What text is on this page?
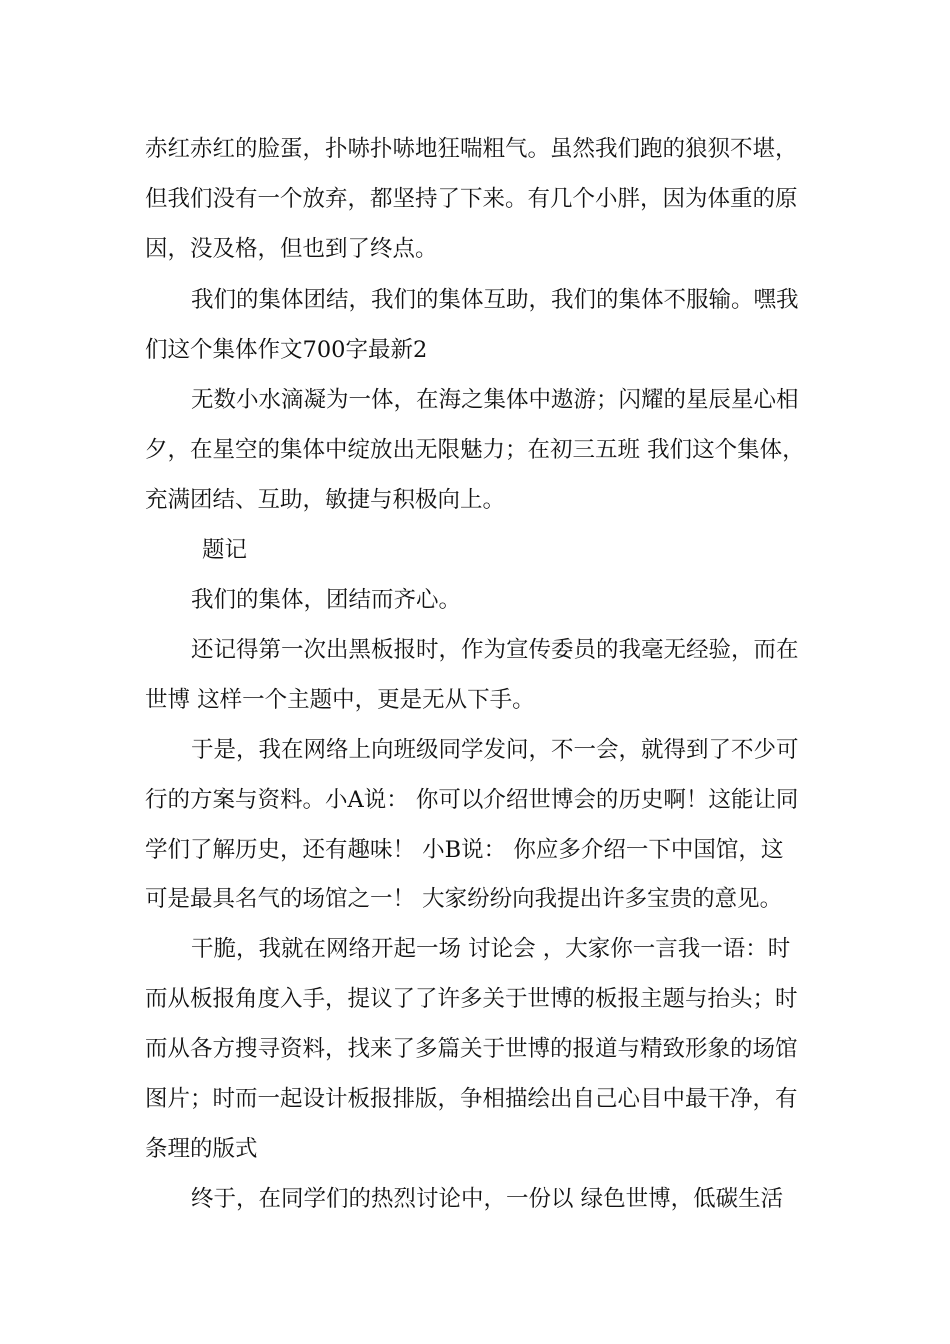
赤红赤红的脸蛋，扑哧扑哧地狂喘粗气。虽然我们跑的狼狈不堪，

但我们没有一个放弃，都坚持了下来。有几个小胖，因为体重的原

因，没及格，但也到了终点。

我们的集体团结，我们的集体互助，我们的集体不服输。嘿我

们这个集体作文700字最新2

无数小水滴凝为一体，在海之集体中遨游；闪耀的星辰星心相

夕，在星空的集体中绽放出无限魅力；在初三五班 我们这个集体，

充满团结、互助，敏捷与积极向上。

题记

我们的集体，团结而齐心。

还记得第一次出黑板报时，作为宣传委员的我毫无经验，而在

世博 这样一个主题中，更是无从下手。

于是，我在网络上向班级同学发问，不一会，就得到了不少可

行的方案与资料。小A说： 你可以介绍世博会的历史啊！这能让同

学们了解历史，还有趣味！ 小B说： 你应多介绍一下中国馆，这

可是最具名气的场馆之一！ 大家纷纷向我提出许多宝贵的意见。

干脆，我就在网络开起一场 讨论会 ，大家你一言我一语：时

而从板报角度入手，提议了了许多关于世博的板报主题与抬头；时

而从各方搜寻资料，找来了多篇关于世博的报道与精致形象的场馆

图片；时而一起设计板报排版，争相描绘出自己心目中最干净，有

条理的版式

终于，在同学们的热烈讨论中，一份以 绿色世博，低碳生活
